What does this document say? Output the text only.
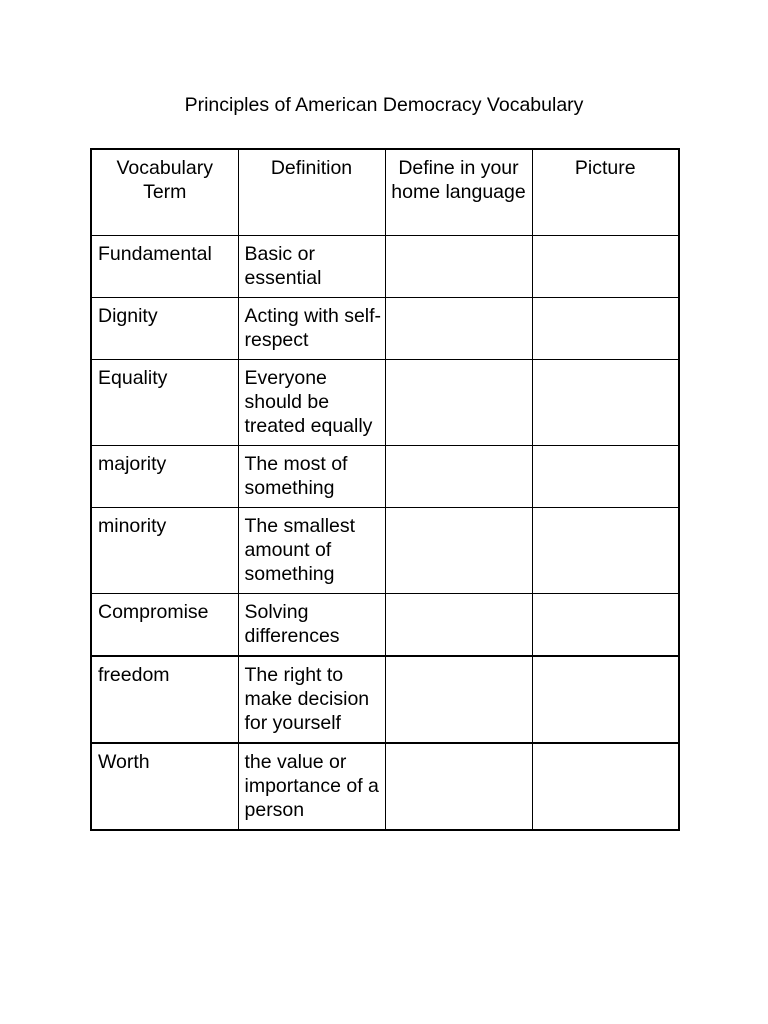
Principles of American Democracy Vocabulary
Vocabulary Term	Definition	Define in your home language	Picture
Fundamental	Basic or essential		
Dignity	Acting with self-respect		
Equality	Everyone should be treated equally		
majority	The most of something		
minority	The smallest amount of something		
Compromise	Solving differences		
freedom	The right to make decision for yourself		
Worth	the value or importance of a person		
